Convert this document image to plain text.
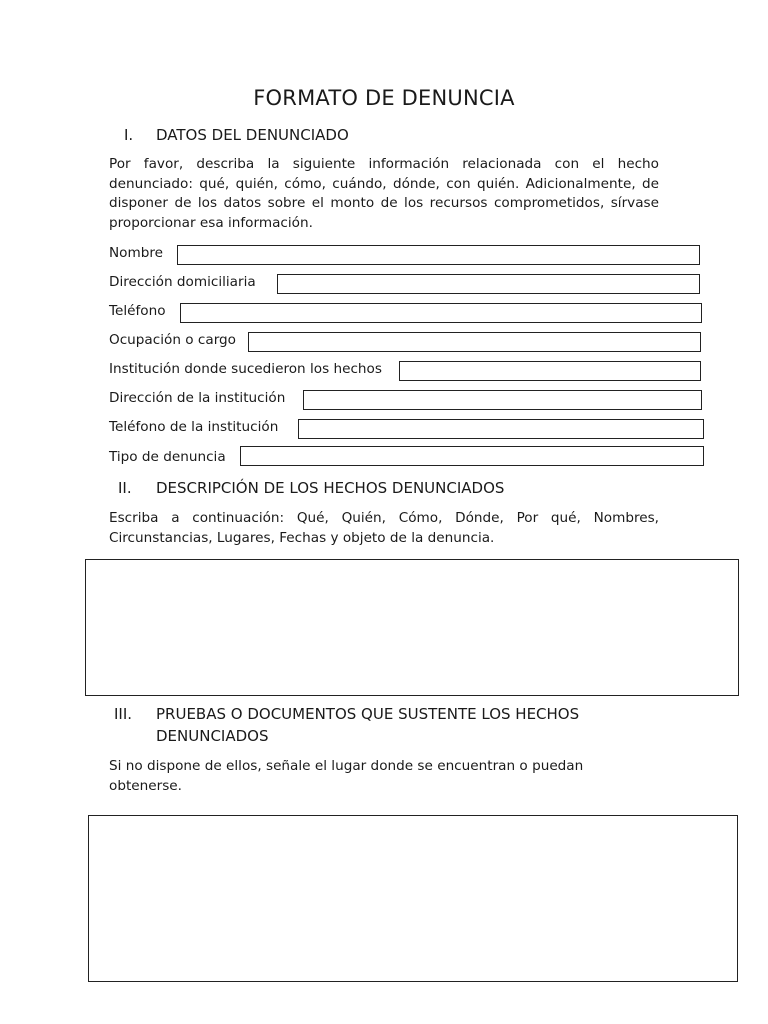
FORMATO DE DENUNCIA
I. DATOS DEL DENUNCIADO
Por favor, describa la siguiente información relacionada con el hecho denunciado: qué, quién, cómo, cuándo, dónde, con quién. Adicionalmente, de disponer de los datos sobre el monto de los recursos comprometidos, sírvase proporcionar esa información.
Nombre
Dirección domiciliaria
Teléfono
Ocupación o cargo
Institución donde sucedieron los hechos
Dirección de la institución
Teléfono de la institución
Tipo de denuncia
II. DESCRIPCIÓN DE LOS HECHOS DENUNCIADOS
Escriba a continuación: Qué, Quién, Cómo, Dónde, Por qué, Nombres, Circunstancias, Lugares, Fechas y objeto de la denuncia.
III. PRUEBAS O DOCUMENTOS QUE SUSTENTE LOS HECHOS DENUNCIADOS
Si no dispone de ellos, señale el lugar donde se encuentran o puedan obtenerse.
